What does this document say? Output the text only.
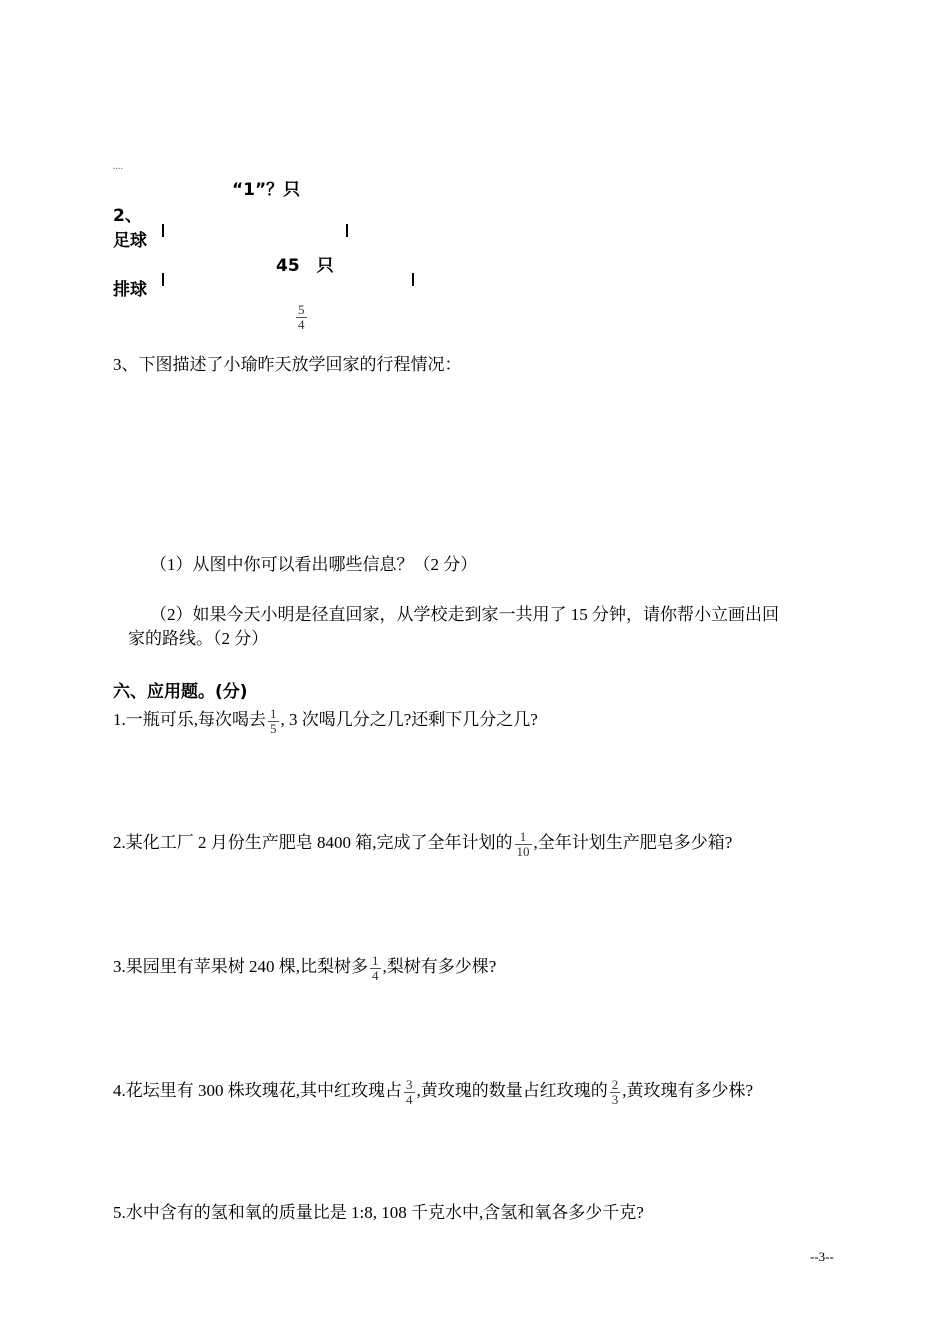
....
“1”？只
2、
足球
45　只
排球
$\frac{5}{4}$
3、下图描述了小瑜昨天放学回家的行程情况：
（1）从图中你可以看出哪些信息？（2 分）
（2）如果今天小明是径直回家，从学校走到家一共用了 15 分钟，请你帮小立画出回
家的路线。（2 分）
六、应用题。(分)
1.一瓶可乐,每次喝去 $\frac{1}{5}$ , 3 次喝几分之几?还剩下几分之几?
2.某化工厂 2 月份生产肥皂 8400 箱,完成了全年计划的 $\frac{1}{10}$ ,全年计划生产肥皂多少箱?
3.果园里有苹果树 240 棵,比梨树多 $\frac{1}{4}$ ,梨树有多少棵?
4.花坛里有 300 株玫瑰花,其中红玫瑰占 $\frac{3}{4}$ ,黄玫瑰的数量占红玫瑰的 $\frac{2}{3}$ ,黄玫瑰有多少株?
5.水中含有的氢和氧的质量比是 1:8, 108 千克水中,含氢和氧各多少千克?
--3--
